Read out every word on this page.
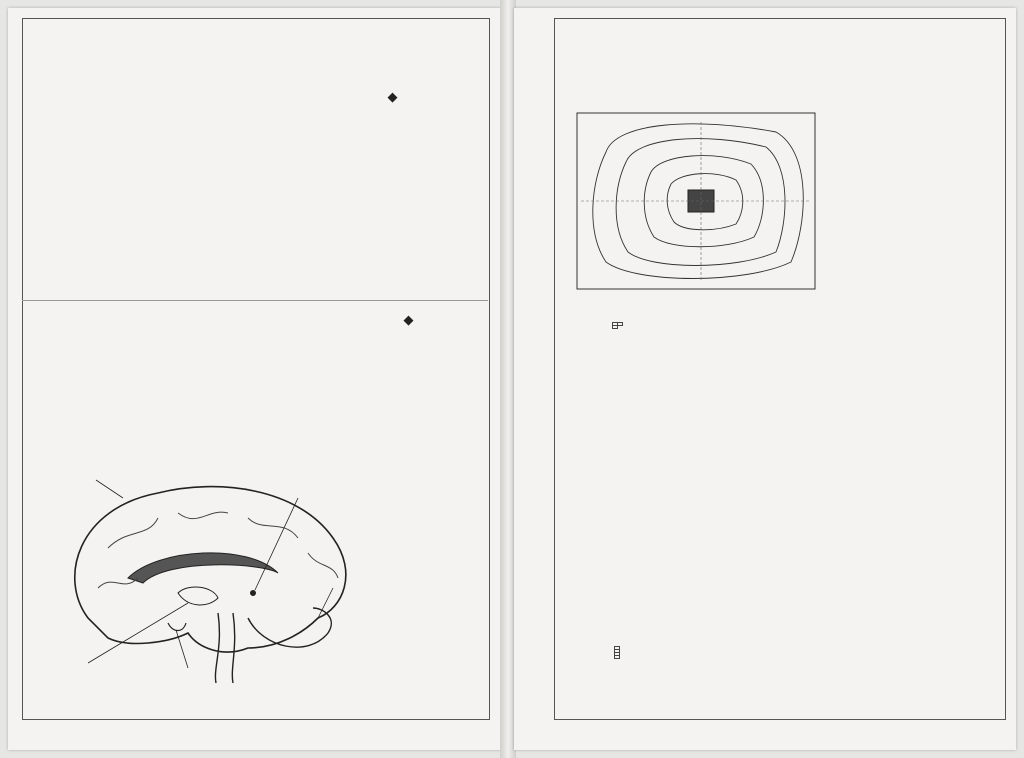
◆
◆
